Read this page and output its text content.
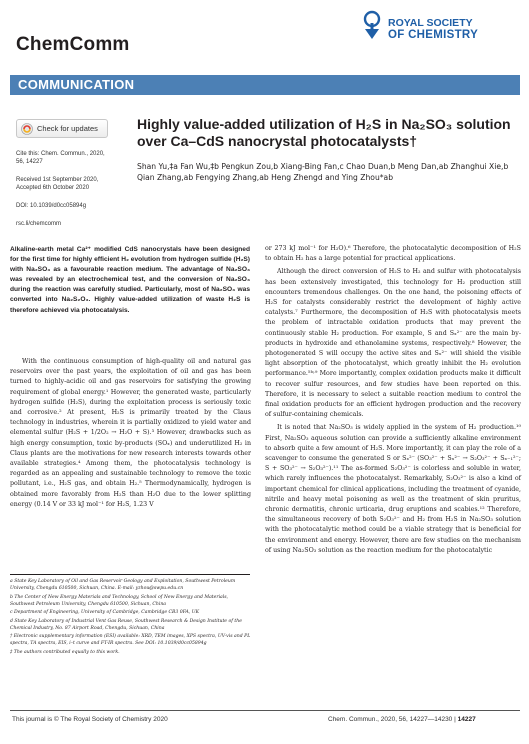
ChemComm
ROYAL SOCIETY
OF CHEMISTRY
COMMUNICATION
Check for updates
Cite this: Chem. Commun., 2020,
56, 14227
Received 1st September 2020,
Accepted 6th October 2020
DOI: 10.1039/d0cc05894g
rsc.li/chemcomm
Highly value-added utilization of H₂S in Na₂SO₃ solution over Ca–CdS nanocrystal photocatalysts†
Shan Yu,‡a Fan Wu,‡b Pengkun Zou,b Xiang-Bing Fan,c Chao Duan,b Meng Dan,ab Zhanghui Xie,b Qian Zhang,ab Fengying Zhang,ab Heng Zhengd and Ying Zhou*ab
Alkaline-earth metal Ca²⁺ modified CdS nanocrystals have been designed for the first time for highly efficient H₂ evolution from hydrogen sulfide (H₂S) with Na₂SO₃ as a favourable reaction medium. The advantage of Na₂SO₃ was revealed by an electrochemical test, and the conversion of Na₂SO₃ during the reaction was carefully studied. Particularly, most of Na₂SO₃ was converted into Na₂S₂O₃. Highly value-added utilization of waste H₂S is therefore achieved via photocatalysis.

With the continuous consumption of high-quality oil and natural gas reservoirs over the past years, the exploitation of oil and gas has been turned to highly-acidic oil and gas reservoirs for satisfying the growing requirement of global energy.¹ However, the generated waste, particularly hydrogen sulfide (H₂S), during the exploitation process is seriously toxic and corrosive.² At present, H₂S is primarily treated by the Claus technology in industries, wherein it is partially oxidized to yield water and elemental sulfur (H₂S + 1/2O₂ → H₂O + S).³ However, drawbacks such as high energy consumption, toxic by-products (SOₓ) and underutilized H₂ in Claus plants are the motivations for new research interests towards other available strategies.⁴ Among them, the photocatalysis technology is regarded as an appealing and sustainable technology to remove the toxic pollutant, i.e., H₂S gas, and obtain H₂.⁵ Thermodynamically, hydrogen is obtained more favorably from H₂S than H₂O due to the lower splitting energy (0.14 V or 33 kJ mol⁻¹ for H₂S, 1.23 V

a State Key Laboratory of Oil and Gas Reservoir Geology and Exploitation, Southwest Petroleum University, Chengdu 610500, Sichuan, China. E-mail: yzhou@swpu.edu.cn

b The Center of New Energy Materials and Technology, School of New Energy and Materials, Southwest Petroleum University, Chengdu 610500, Sichuan, China

c Department of Engineering, University of Cambridge, Cambridge CB3 0FA, UK

d State Key Laboratory of Industrial Vent Gas Reuse, Southwest Research & Design Institute of the Chemical Industry, No. 87 Airport Road, Chengdu, Sichuan, China

† Electronic supplementary information (ESI) available: XRD, TEM images, XPS spectra, UV-vis and PL spectra, TA spectra, EIS, i–t curve and FT-IR spectra. See DOI: 10.1039/d0cc05894g

‡ The authors contributed equally to this work.

or 273 kJ mol⁻¹ for H₂O).⁶ Therefore, the photocatalytic decomposition of H₂S to obtain H₂ has a large potential for practical applications.

Although the direct conversion of H₂S to H₂ and sulfur with photocatalysis has been extensively investigated, this technology for H₂ production still encounters tremendous challenges. On the one hand, the poisoning effects of H₂S for catalysts considerably restrict the development of highly active catalysts.⁷ Furthermore, the decomposition of H₂S with photocatalysis meets the problem of intractable oxidation products that may prevent the continuously stable H₂ production. For example, S and Sₓ²⁻ are the main by-products in hydroxide and ethanolamine systems, respectively.⁸ However, the photogenerated S will occupy the active sites and Sₓ²⁻ will shield the visible light absorption of the photocatalyst, which greatly inhibit the H₂ evolution performance.⁵ᵇ˒⁹ More importantly, complex oxidation products make it difficult to recover sulfur resources, and few studies have been reported on this. Therefore, it is necessary to select a suitable reaction medium to control the final oxidation products for an efficient hydrogen production and the recovery of sulfur-containing chemicals.

It is noted that Na₂SO₃ is widely applied in the system of H₂ production.¹⁰ First, Na₂SO₃ aqueous solution can provide a sufficiently alkaline environment to absorb quite a few amount of H₂S. More importantly, it can play the role of a scavenger to consume the generated S or Sₓ²⁻ (SO₃²⁻ + Sₓ²⁻ → S₂O₃²⁻ + Sₓ₋₁²⁻; S + SO₃²⁻ → S₂O₃²⁻).¹¹ The as-formed S₂O₃²⁻ is colorless and soluble in water, which rarely influences the photocatalyst. Remarkably, S₂O₃²⁻ is also a kind of important chemical for clinical applications, including the treatment of cyanide, nitrile and heavy metal poisoning as well as the treatment of skin pruritus, chronic dermatitis, chronic urticaria, drug eruptions and scabies.¹² Therefore, the simultaneous recovery of both S₂O₃²⁻ and H₂ from H₂S in Na₂SO₃ solution with the photocatalytic method could be a viable strategy that is beneficial for the environment and energy. However, there are few studies on the mechanism of using Na₂SO₃ solution as the reaction medium for the photocatalytic

This journal is © The Royal Society of Chemistry 2020	Chem. Commun., 2020, 56, 14227—14230 | 14227
